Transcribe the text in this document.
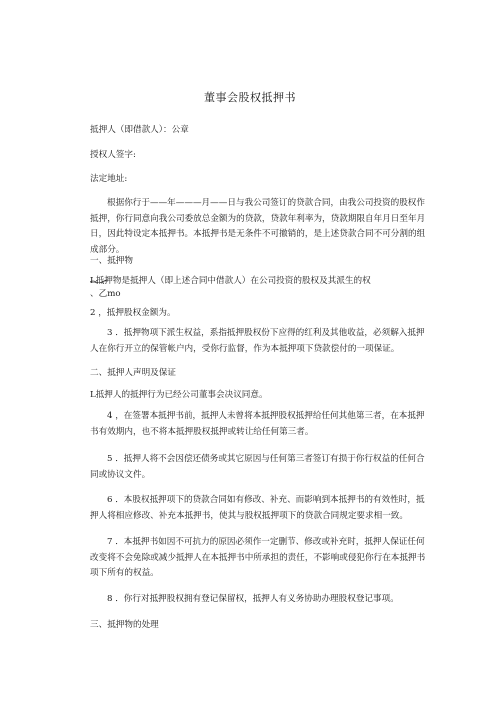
董事会股权抵押书

抵押人（即借款人）：公章

授权人签字:

法定地址:

根据你行于——年———月——日与我公司签订的贷款合同，由我公司投资的股权作抵押，你行同意向我公司委放总金额为的贷款，贷款年利率为，贷款期限自年月日至年月日，因此特设定本抵押书。本抵押书是无条件不可撤销的，是上述贷款合同不可分割的组成部分。

一、抵押物

L抵押物是抵押人（即上述合同中借款人）在公司投资的股权及其派生的权
、乙mo

2 ，抵押股权金额为。

3 ．抵押物项下派生权益，系指抵押股权份下应得的红利及其他收益，必须解入抵押人在你行开立的保管帐户内，受你行监督，作为本抵押项下贷款偿付的一项保证。

二、抵押人声明及保证

L抵押人的抵押行为已经公司董事会决议同意。

4 ，在签署本抵押书前，抵押人未曾将本抵押股权抵押给任何其他第三者，在本抵押书有效期内，也不将本抵押股权抵押或转让给任何第三者。

5 ．抵押人将不会因偿还债务或其它原因与任何第三者签订有损于你行权益的任何合同或协议文件。

6 ．本股权抵押项下的贷款合同如有修改、补充、而影响到本抵押书的有效性时，抵押人将相应修改、补充本抵押书，使其与股权抵押项下的贷款合同规定要求相一致。

7 ．本抵押书如因不可抗力的原因必须作一定删节、修改或补充时，抵押人保证任何改变将不会免除或减少抵押人在本抵押书中所承担的责任，不影响或侵犯你行在本抵押书项下所有的权益。

8 ．你行对抵押股权拥有登记保留权，抵押人有义务协助办理股权登记事项。

三、抵押物的处理
